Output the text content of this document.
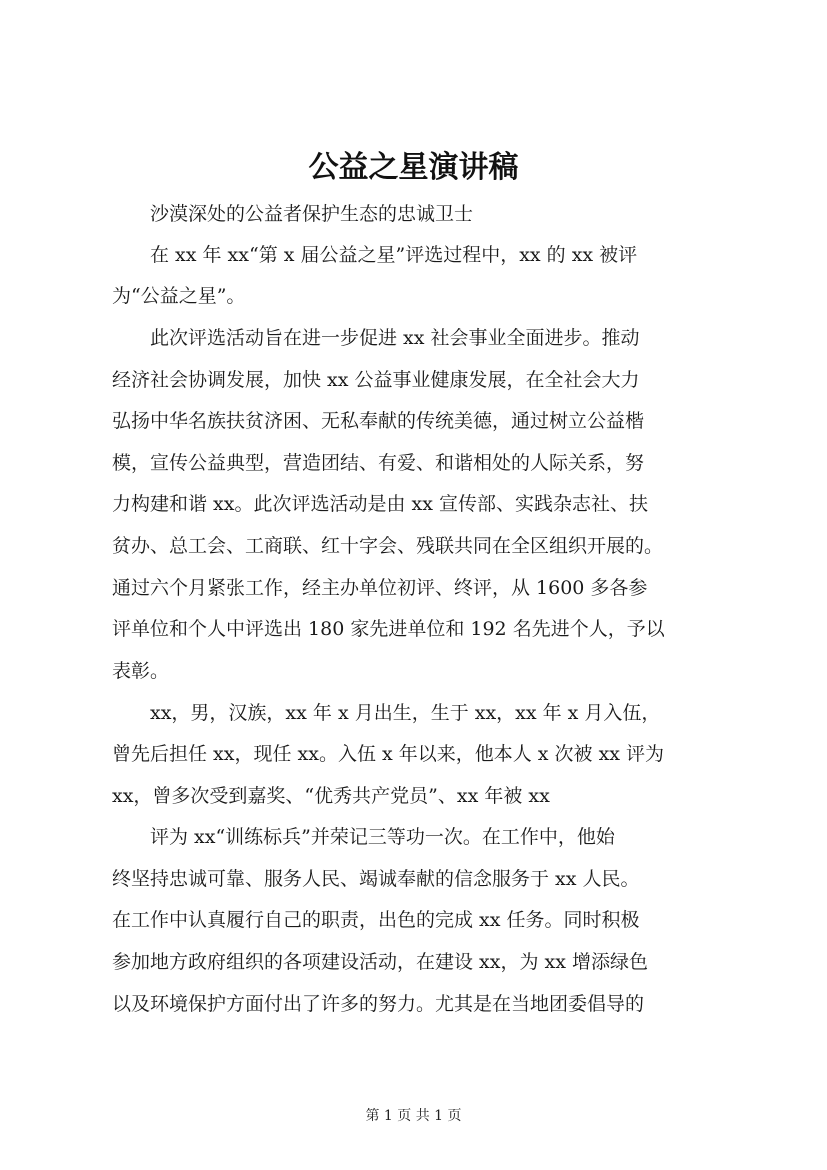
公益之星演讲稿
沙漠深处的公益者保护生态的忠诚卫士
在 xx 年 xx“第 x 届公益之星”评选过程中，xx 的 xx 被评
为“公益之星”。
此次评选活动旨在进一步促进 xx 社会事业全面进步。推动
经济社会协调发展，加快 xx 公益事业健康发展，在全社会大力
弘扬中华名族扶贫济困、无私奉献的传统美德，通过树立公益楷
模，宣传公益典型，营造团结、有爱、和谐相处的人际关系，努
力构建和谐 xx。此次评选活动是由 xx 宣传部、实践杂志社、扶
贫办、总工会、工商联、红十字会、残联共同在全区组织开展的。
通过六个月紧张工作，经主办单位初评、终评，从 1600 多各参
评单位和个人中评选出 180 家先进单位和 192 名先进个人，予以
表彰。
xx，男，汉族，xx 年 x 月出生，生于 xx，xx 年 x 月入伍，
曾先后担任 xx，现任 xx。入伍 x 年以来，他本人 x 次被 xx 评为
xx，曾多次受到嘉奖、“优秀共产党员”、xx 年被 xx
评为 xx“训练标兵”并荣记三等功一次。在工作中，他始
终坚持忠诚可靠、服务人民、竭诚奉献的信念服务于 xx 人民。
在工作中认真履行自己的职责，出色的完成 xx 任务。同时积极
参加地方政府组织的各项建设活动，在建设 xx，为 xx 增添绿色
以及环境保护方面付出了许多的努力。尤其是在当地团委倡导的
第 1 页 共 1 页
